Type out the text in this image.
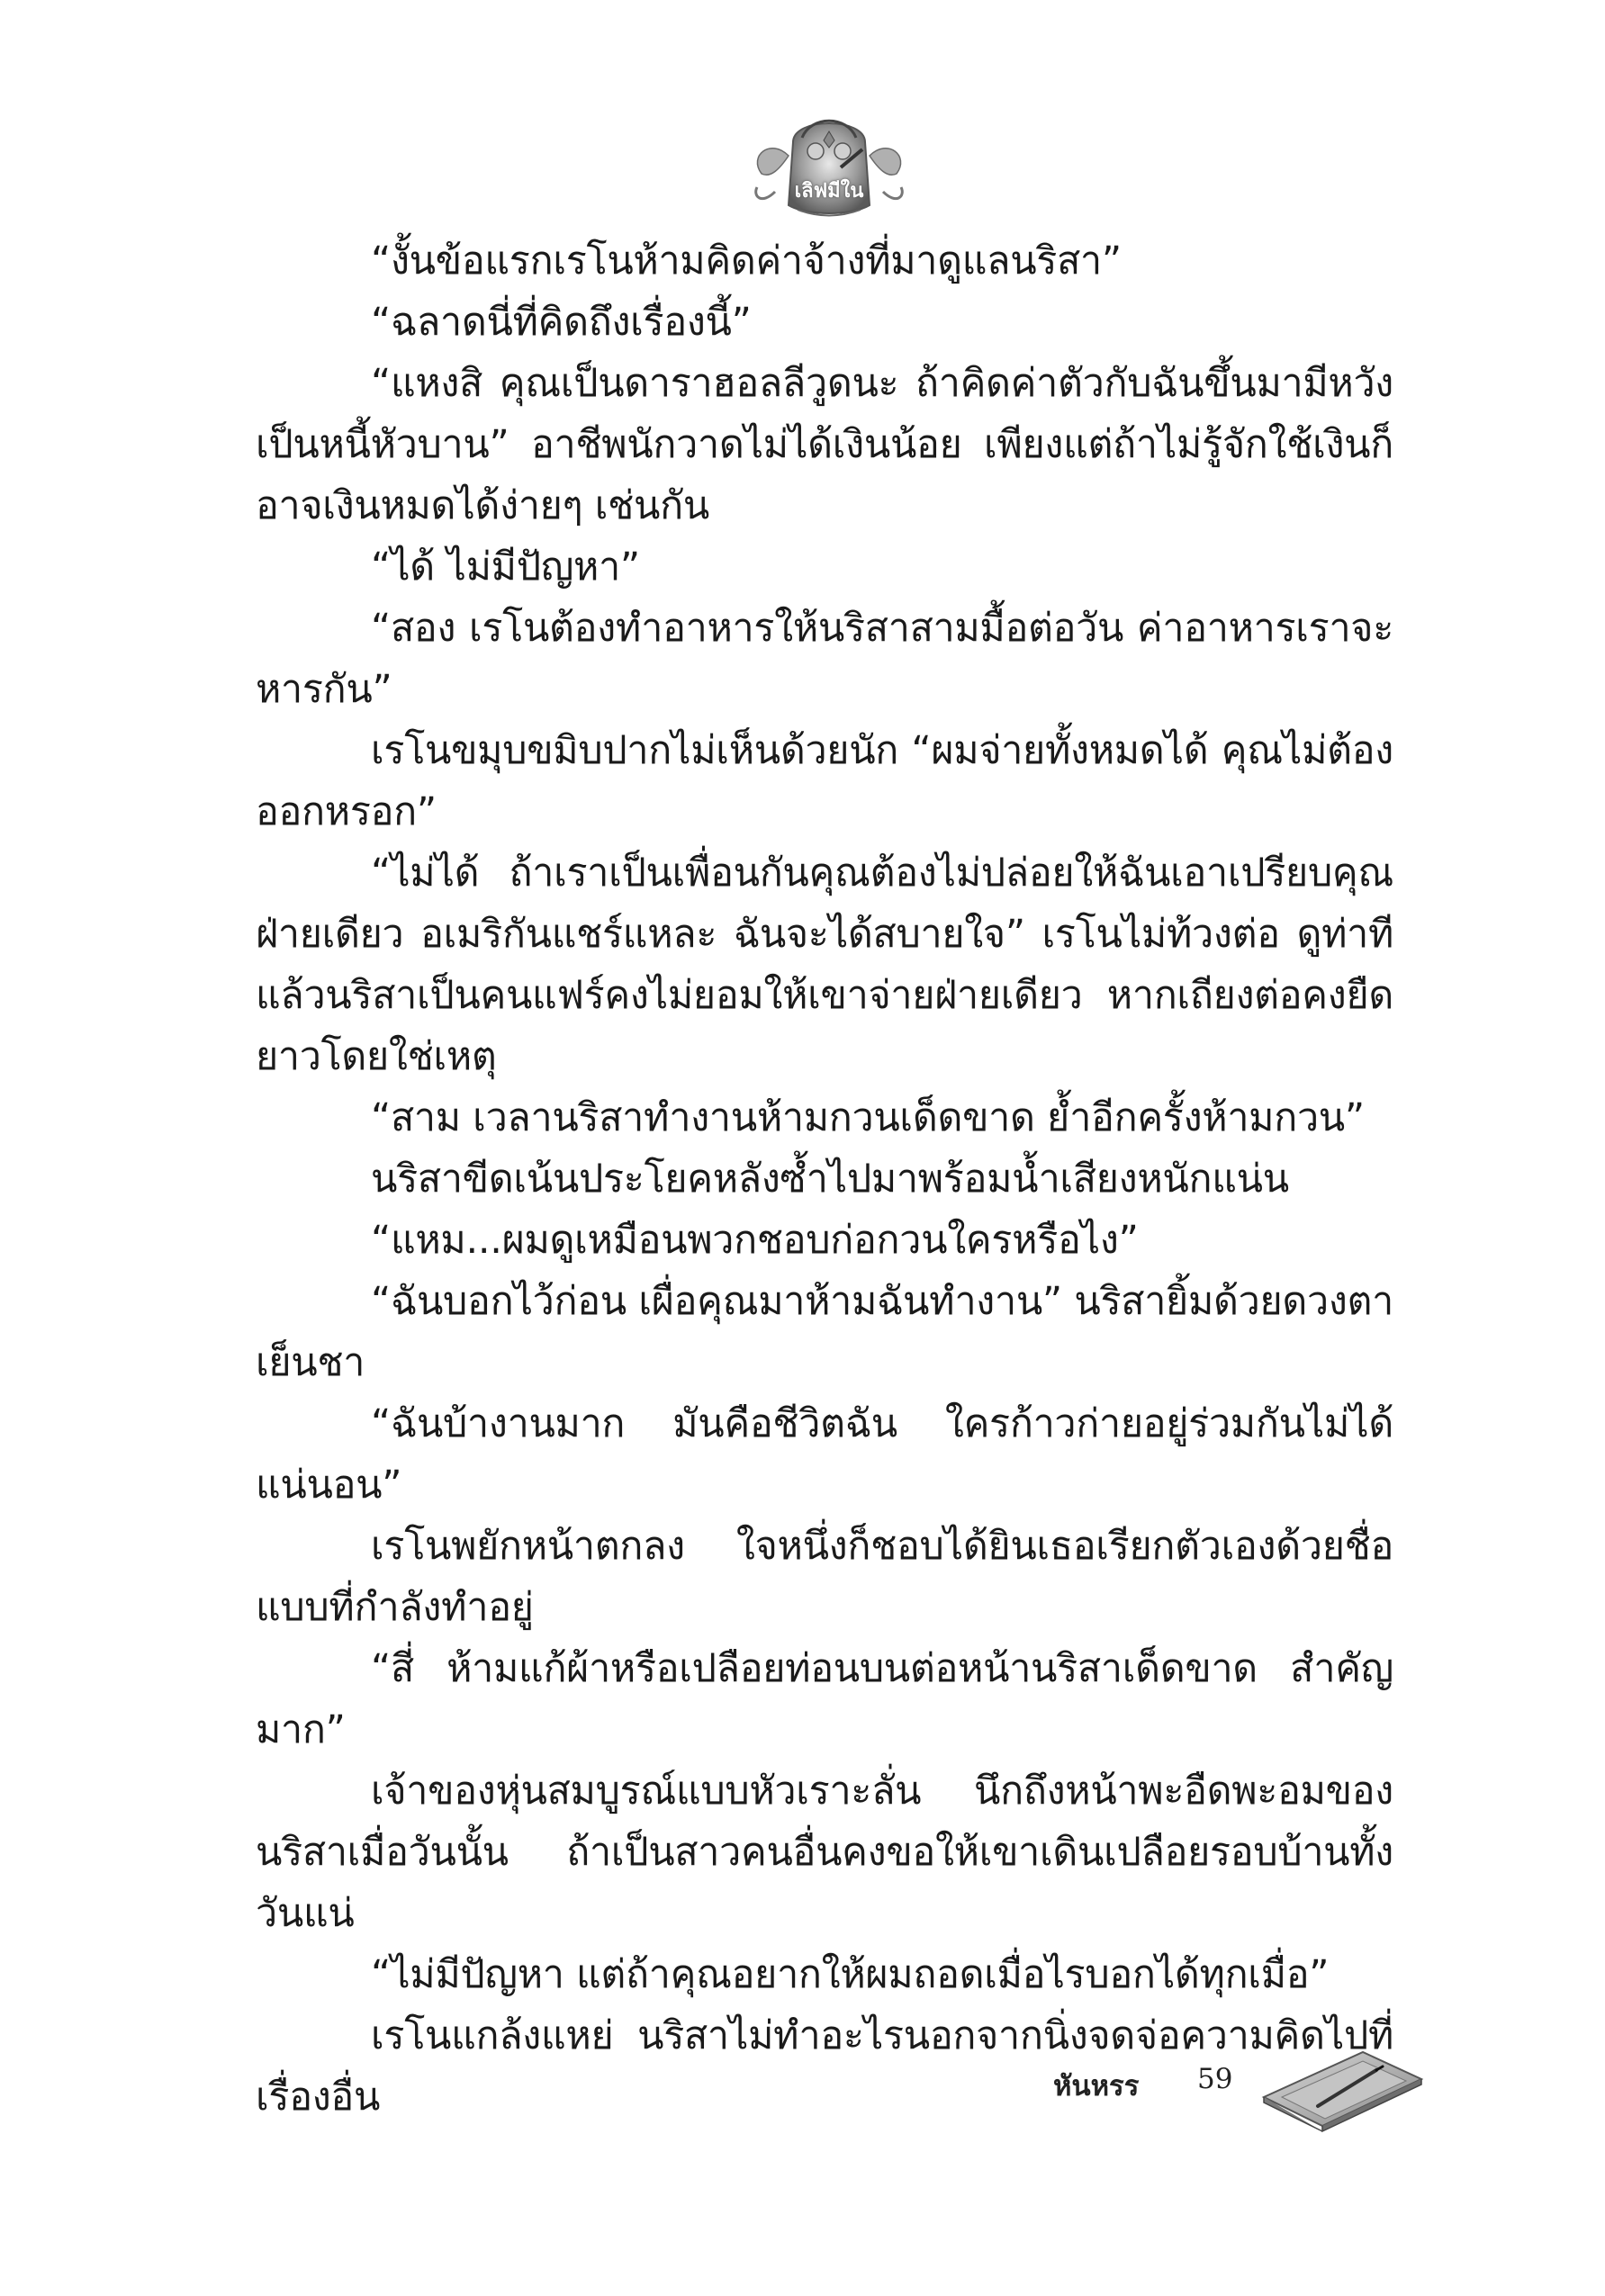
เลิฟมีใน

“งั้นข้อแรกเรโนห้ามคิดค่าจ้างที่มาดูแลนริสา”

“ฉลาดนี่ที่คิดถึงเรื่องนี้”

“แหงสิ คุณเป็นดาราฮอลลีวูดนะ ถ้าคิดค่าตัวกับฉันขึ้นมามีหวังเป็นหนี้หัวบาน” อาชีพนักวาดไม่ได้เงินน้อย เพียงแต่ถ้าไม่รู้จักใช้เงินก็อาจเงินหมดได้ง่ายๆ เช่นกัน

“ได้ ไม่มีปัญหา”

“สอง เรโนต้องทำอาหารให้นริสาสามมื้อต่อวัน ค่าอาหารเราจะหารกัน”

เรโนขมุบขมิบปากไม่เห็นด้วยนัก “ผมจ่ายทั้งหมดได้ คุณไม่ต้องออกหรอก”

“ไม่ได้ ถ้าเราเป็นเพื่อนกันคุณต้องไม่ปล่อยให้ฉันเอาเปรียบคุณฝ่ายเดียว อเมริกันแชร์แหละ ฉันจะได้สบายใจ” เรโนไม่ท้วงต่อ ดูท่าทีแล้วนริสาเป็นคนแฟร์คงไม่ยอมให้เขาจ่ายฝ่ายเดียว หากเถียงต่อคงยืดยาวโดยใช่เหตุ

“สาม เวลานริสาทำงานห้ามกวนเด็ดขาด ย้ำอีกครั้งห้ามกวน”

นริสาขีดเน้นประโยคหลังซ้ำไปมาพร้อมน้ำเสียงหนักแน่น

“แหม...ผมดูเหมือนพวกชอบก่อกวนใครหรือไง”

“ฉันบอกไว้ก่อน เผื่อคุณมาห้ามฉันทำงาน” นริสายิ้มด้วยดวงตาเย็นชา

“ฉันบ้างานมาก มันคือชีวิตฉัน ใครก้าวก่ายอยู่ร่วมกันไม่ได้แน่นอน”

เรโนพยักหน้าตกลง ใจหนึ่งก็ชอบได้ยินเธอเรียกตัวเองด้วยชื่อแบบที่กำลังทำอยู่

“สี่ ห้ามแก้ผ้าหรือเปลือยท่อนบนต่อหน้านริสาเด็ดขาด สำคัญมาก”

เจ้าของหุ่นสมบูรณ์แบบหัวเราะลั่น นึกถึงหน้าพะอืดพะอมของนริสาเมื่อวันนั้น ถ้าเป็นสาวคนอื่นคงขอให้เขาเดินเปลือยรอบบ้านทั้งวันแน่

“ไม่มีปัญหา แต่ถ้าคุณอยากให้ผมถอดเมื่อไรบอกได้ทุกเมื่อ”

เรโนแกล้งแหย่ นริสาไม่ทำอะไรนอกจากนิ่งจดจ่อความคิดไปที่เรื่องอื่น	หันหรร 59
